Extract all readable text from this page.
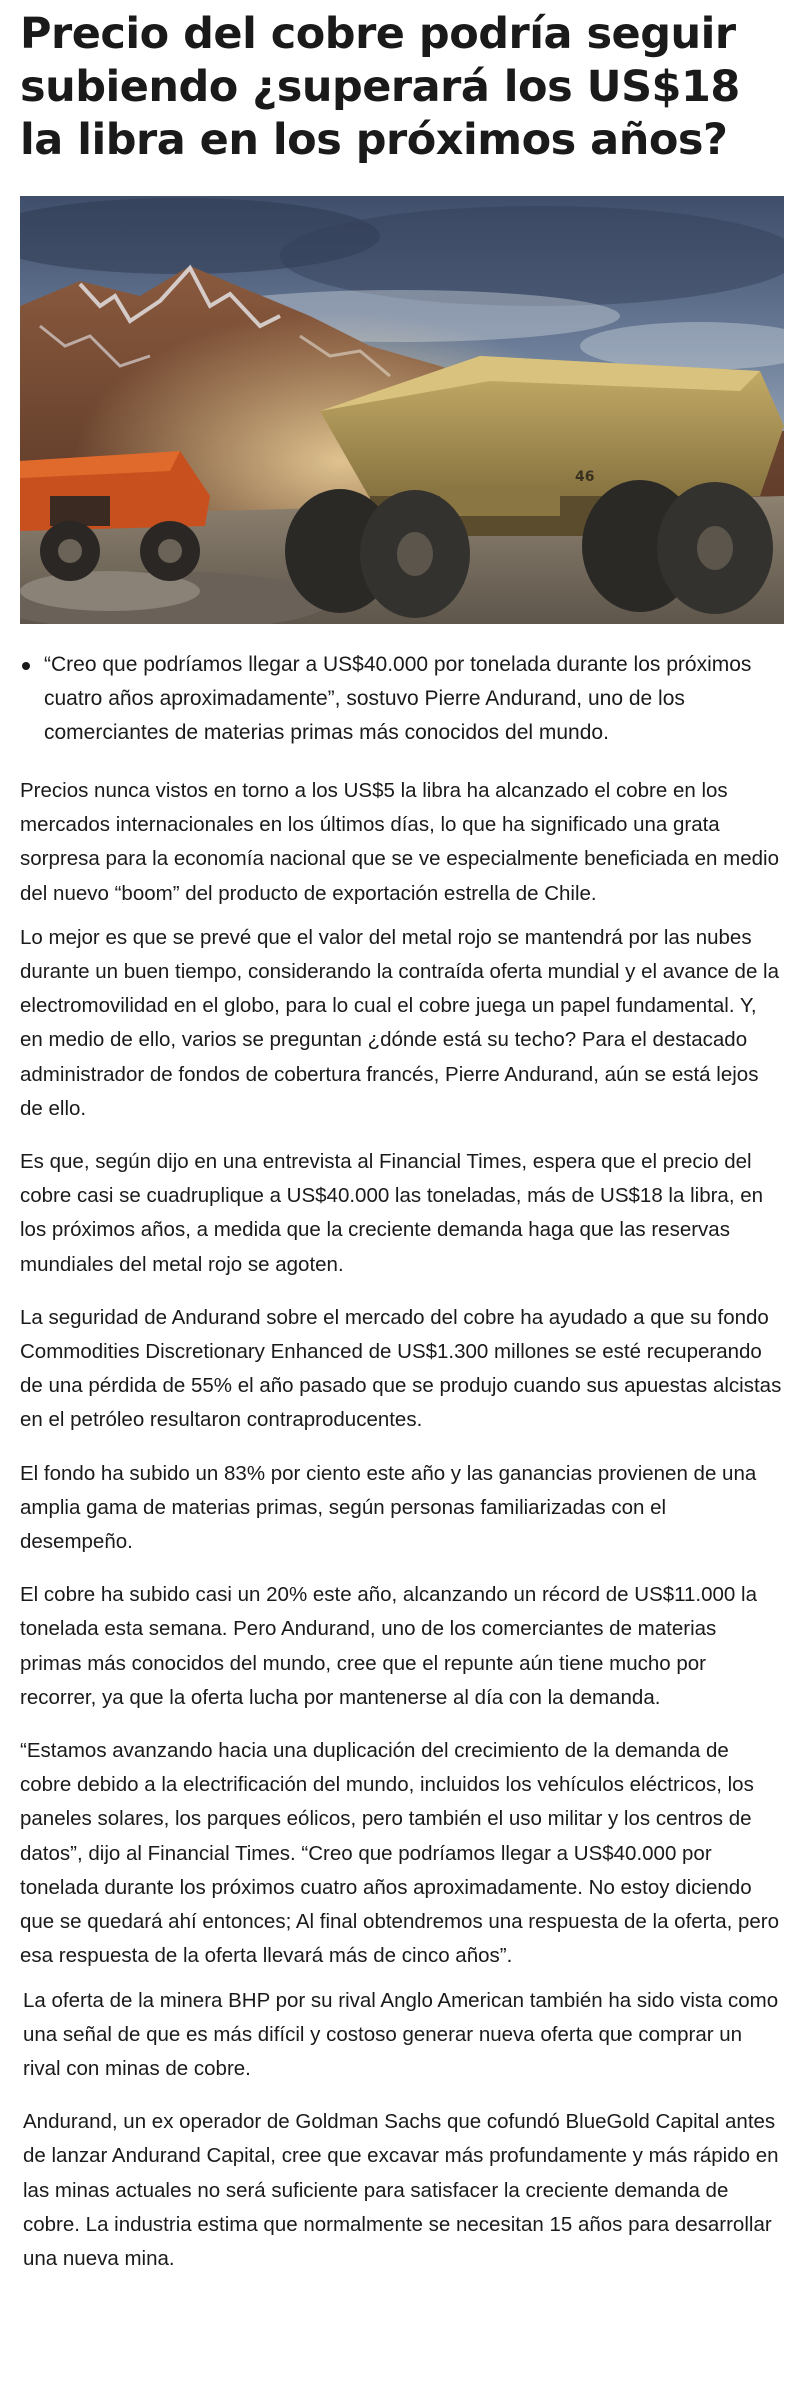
Precio del cobre podría seguir subiendo ¿superará los US$18 la libra en los próximos años?
46
“Creo que podríamos llegar a US$40.000 por tonelada durante los próximos cuatro años aproximadamente”, sostuvo Pierre Andurand, uno de los comerciantes de materias primas más conocidos del mundo.

Precios nunca vistos en torno a los US$5 la libra ha alcanzado el cobre en los mercados internacionales en los últimos días, lo que ha significado una grata sorpresa para la economía nacional que se ve especialmente beneficiada en medio del nuevo “boom” del producto de exportación estrella de Chile.

Lo mejor es que se prevé que el valor del metal rojo se mantendrá por las nubes durante un buen tiempo, considerando la contraída oferta mundial y el avance de la electromovilidad en el globo, para lo cual el cobre juega un papel fundamental. Y, en medio de ello, varios se preguntan ¿dónde está su techo? Para el destacado administrador de fondos de cobertura francés, Pierre Andurand, aún se está lejos de ello.

Es que, según dijo en una entrevista al Financial Times, espera que el precio del cobre casi se cuadruplique a US$40.000 las toneladas, más de US$18 la libra, en los próximos años, a medida que la creciente demanda haga que las reservas mundiales del metal rojo se agoten.

La seguridad de Andurand sobre el mercado del cobre ha ayudado a que su fondo Commodities Discretionary Enhanced de US$1.300 millones se esté recuperando de una pérdida de 55% el año pasado que se produjo cuando sus apuestas alcistas en el petróleo resultaron contraproducentes.

El fondo ha subido un 83% por ciento este año y las ganancias provienen de una amplia gama de materias primas, según personas familiarizadas con el desempeño.

El cobre ha subido casi un 20% este año, alcanzando un récord de US$11.000 la tonelada esta semana. Pero Andurand, uno de los comerciantes de materias primas más conocidos del mundo, cree que el repunte aún tiene mucho por recorrer, ya que la oferta lucha por mantenerse al día con la demanda.

“Estamos avanzando hacia una duplicación del crecimiento de la demanda de cobre debido a la electrificación del mundo, incluidos los vehículos eléctricos, los paneles solares, los parques eólicos, pero también el uso militar y los centros de datos”, dijo al Financial Times. “Creo que podríamos llegar a US$40.000 por tonelada durante los próximos cuatro años aproximadamente. No estoy diciendo que se quedará ahí entonces; Al final obtendremos una respuesta de la oferta, pero esa respuesta de la oferta llevará más de cinco años”.

La oferta de la minera BHP por su rival Anglo American también ha sido vista como una señal de que es más difícil y costoso generar nueva oferta que comprar un rival con minas de cobre.

Andurand, un ex operador de Goldman Sachs que cofundó BlueGold Capital antes de lanzar Andurand Capital, cree que excavar más profundamente y más rápido en las minas actuales no será suficiente para satisfacer la creciente demanda de cobre. La industria estima que normalmente se necesitan 15 años para desarrollar una nueva mina.
